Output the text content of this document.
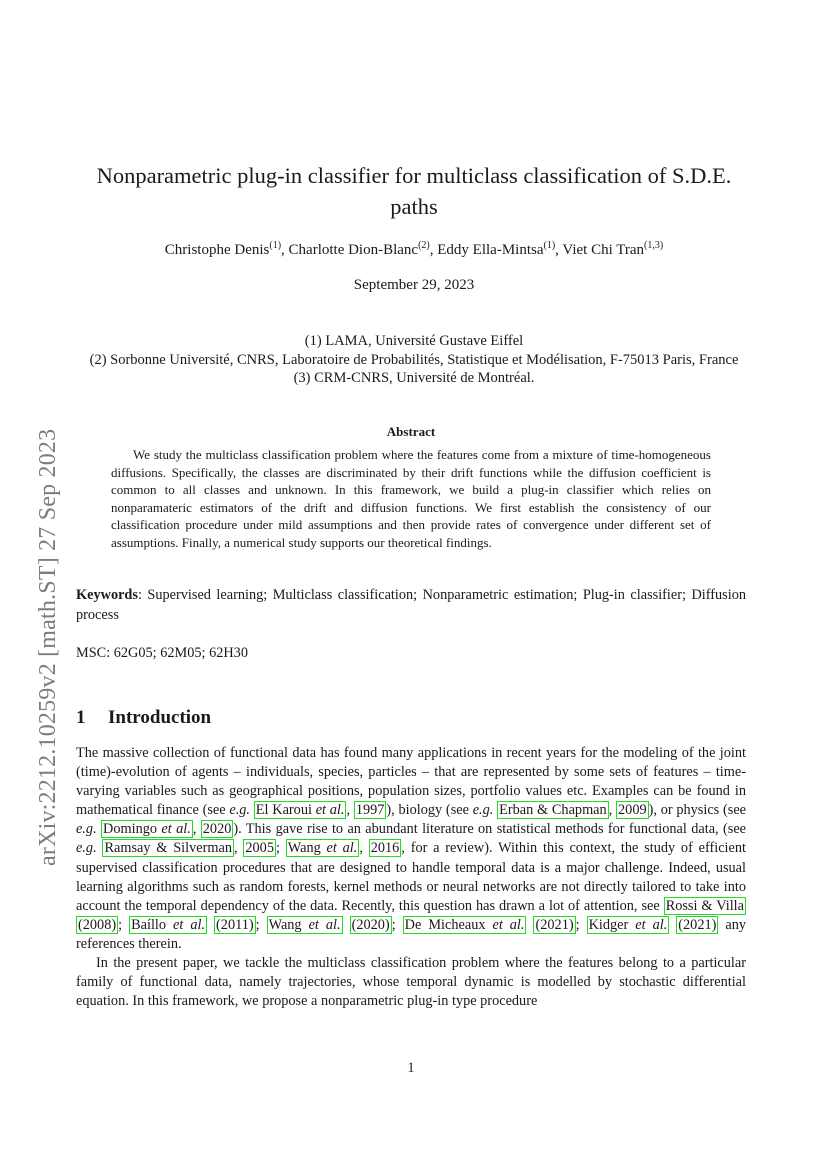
arXiv:2212.10259v2 [math.ST] 27 Sep 2023
Nonparametric plug-in classifier for multiclass classification of S.D.E. paths
Christophe Denis$^{(1)}$, Charlotte Dion-Blanc$^{(2)}$, Eddy Ella-Mintsa$^{(1)}$, Viet Chi Tran$^{(1,3)}$
September 29, 2023
(1) LAMA, Université Gustave Eiffel
(2) Sorbonne Université, CNRS, Laboratoire de Probabilités, Statistique et Modélisation, F-75013 Paris, France
(3) CRM-CNRS, Université de Montréal.
Abstract
We study the multiclass classification problem where the features come from a mixture of time-homogeneous diffusions. Specifically, the classes are discriminated by their drift functions while the diffusion coefficient is common to all classes and unknown. In this framework, we build a plug-in classifier which relies on nonparamateric estimators of the drift and diffusion functions. We first establish the consistency of our classification procedure under mild assumptions and then provide rates of convergence under different set of assumptions. Finally, a numerical study supports our theoretical findings.
Keywords: Supervised learning; Multiclass classification; Nonparametric estimation; Plug-in classifier; Diffusion process
MSC: 62G05; 62M05; 62H30
1 Introduction

The massive collection of functional data has found many applications in recent years for the modeling of the joint (time)-evolution of agents – individuals, species, particles – that are represented by some sets of features – time-varying variables such as geographical positions, population sizes, portfolio values etc. Examples can be found in mathematical finance (see e.g. El Karoui et al. , 1997 ), biology (see e.g. Erban & Chapman , 2009 ), or physics (see e.g. Domingo et al. , 2020 ). This gave rise to an abundant literature on statistical methods for functional data, (see e.g. Ramsay & Silverman , 2005 ; Wang et al. , 2016 , for a review). Within this context, the study of efficient supervised classification procedures that are designed to handle temporal data is a major challenge. Indeed, usual learning algorithms such as random forests, kernel methods or neural networks are not directly tailored to take into account the temporal dependency of the data. Recently, this question has drawn a lot of attention, see Rossi & Villa (2008) ; Baíllo et al. (2011) ; Wang et al. (2020) ; De Micheaux et al. (2021) ; Kidger et al. (2021) any references therein.

In the present paper, we tackle the multiclass classification problem where the features belong to a particular family of functional data, namely trajectories, whose temporal dynamic is modelled by stochastic differential equation. In this framework, we propose a nonparametric plug-in type procedure

1
